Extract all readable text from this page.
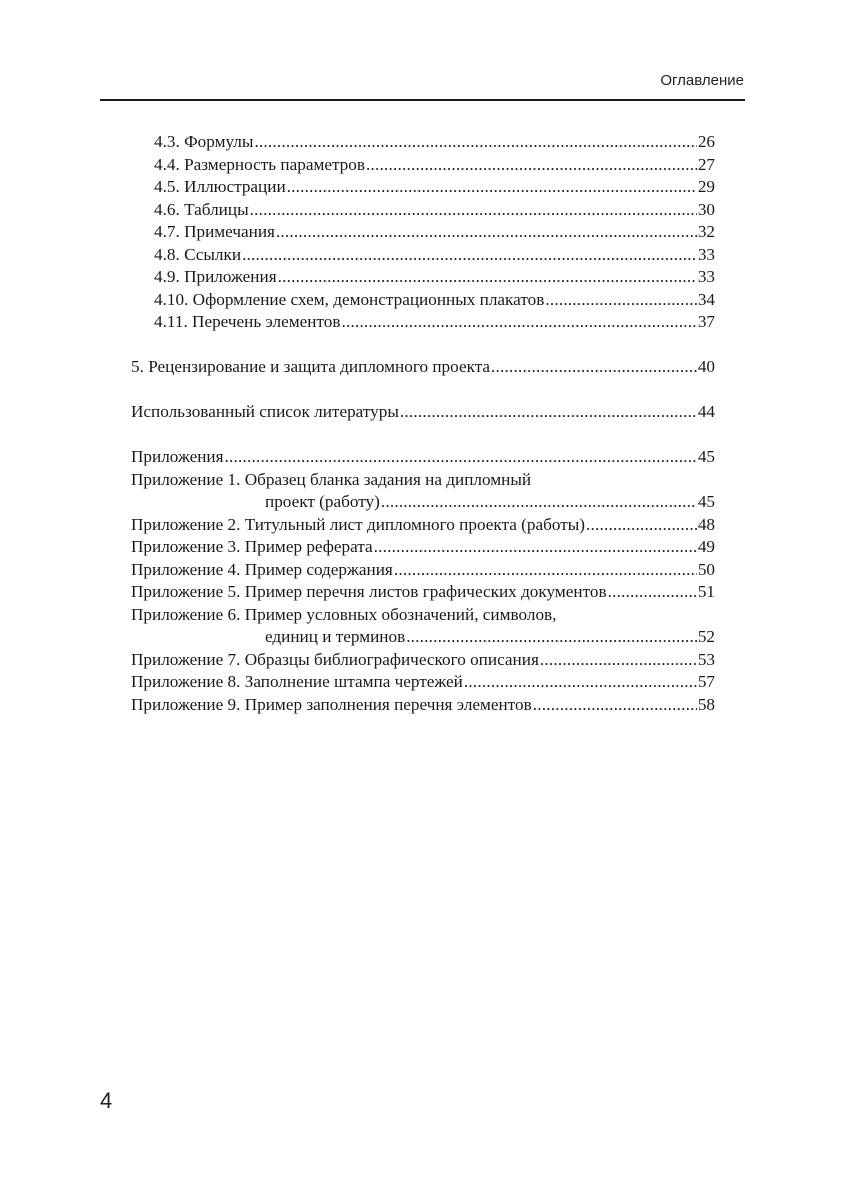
Оглавление
4.3. Формулы .....	26
4.4. Размерность параметров .....	27
4.5. Иллюстрации .....	29
4.6. Таблицы .....	30
4.7. Примечания .....	32
4.8. Ссылки .....	33
4.9. Приложения .....	33
4.10. Оформление схем, демонстрационных плакатов .....	34
4.11. Перечень элементов .....	37
5. Рецензирование и защита дипломного проекта .....	40
Использованный список литературы .....	44
Приложения .....	45
Приложение 1. Образец бланка задания на дипломный
проект (работу) .....	45
Приложение 2. Титульный лист дипломного проекта (работы) .....	48
Приложение 3. Пример реферата .....	49
Приложение 4. Пример содержания .....	50
Приложение 5. Пример перечня листов графических документов .....	51
Приложение 6. Пример условных обозначений, символов,
единиц и терминов .....	52
Приложение 7. Образцы библиографического описания .....	53
Приложение 8. Заполнение штампа чертежей .....	57
Приложение 9. Пример заполнения перечня элементов .....	58
4
